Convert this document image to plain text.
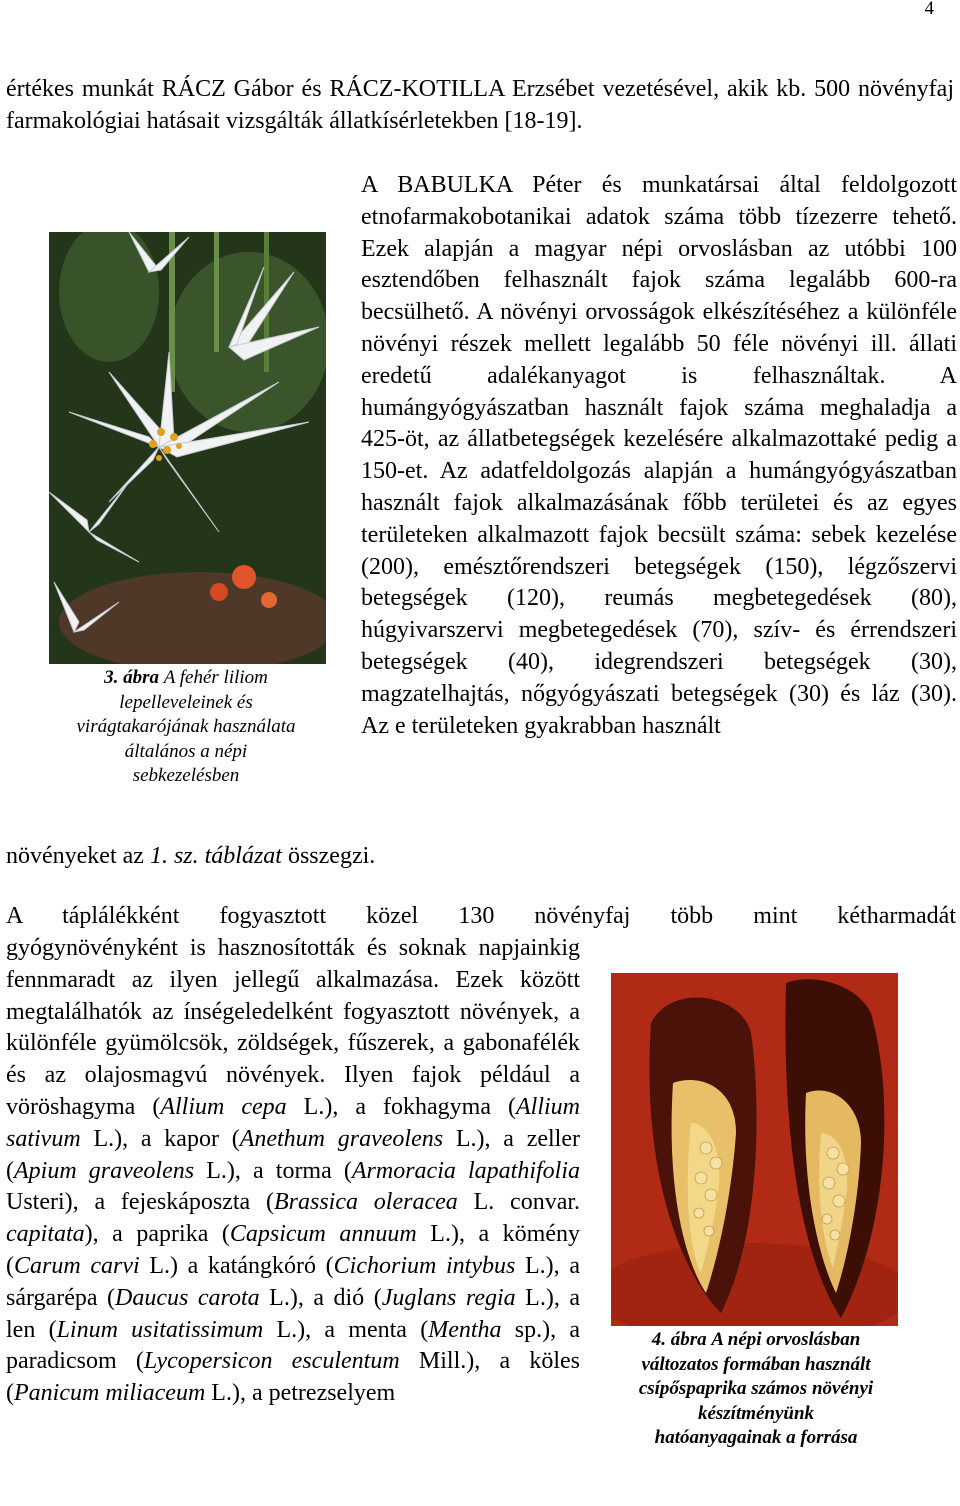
4

értékes munkát RÁCZ Gábor és RÁCZ-KOTILLA Erzsébet vezetésével, akik kb. 500 növényfaj farmakológiai hatásait vizsgálták állatkísérletekben [18-19].

3. ábra A fehér liliom
lepelleveleinek és
virágtakarójának használata
általános a népi
sebkezelésben

A BABULKA Péter és munkatársai által feldolgozott etnofarmakobotanikai adatok száma több tízezerre tehető. Ezek alapján a magyar népi orvoslásban az utóbbi 100 esztendőben felhasznált fajok száma legalább 600-ra becsülhető. A növényi orvosságok elkészítéséhez a különféle növényi részek mellett legalább 50 féle növényi ill. állati eredetű adalékanyagot is felhasználtak. A humángyógyászatban használt fajok száma meghaladja a 425-öt, az állatbetegségek kezelésére alkalmazottaké pedig a 150-et. Az adatfeldolgozás alapján a humángyógyászatban használt fajok alkalmazásának főbb területei és az egyes területeken alkalmazott fajok becsült száma: sebek kezelése (200), emésztőrendszeri betegségek (150), légzőszervi betegségek (120), reumás megbetegedések (80), húgyivarszervi megbetegedések (70), szív- és érrendszeri betegségek (40), idegrendszeri betegségek (30), magzatelhajtás, nőgyógyászati betegségek (30) és láz (30). Az e területeken gyakrabban használt

növényeket az 1. sz. táblázat összegzi.
A táplálékként fogyasztott közel 130 növényfaj több mint kétharmadát

gyógynövényként is hasznosították és soknak napjainkig fennmaradt az ilyen jellegű alkalmazása. Ezek között megtalálhatók az ínségeledelként fogyasztott növények, a különféle gyümölcsök, zöldségek, fűszerek, a gabonafélék és az olajosmagvú növények. Ilyen fajok például a vöröshagyma (Allium cepa L.), a fokhagyma (Allium sativum L.), a kapor (Anethum graveolens L.), a zeller (Apium graveolens L.), a torma (Armoracia lapathifolia Usteri), a fejeskáposzta (Brassica oleracea L. convar. capitata), a paprika (Capsicum annuum L.), a kömény (Carum carvi L.) a katángkóró (Cichorium intybus L.), a sárgarépa (Daucus carota L.), a dió (Juglans regia L.), a len (Linum usitatissimum L.), a menta (Mentha sp.), a paradicsom (Lycopersicon esculentum Mill.), a köles (Panicum miliaceum L.), a petrezselyem

4. ábra A népi orvoslásban
változatos formában használt
csípőspaprika számos növényi
készítményünk
hatóanyagainak a forrása
